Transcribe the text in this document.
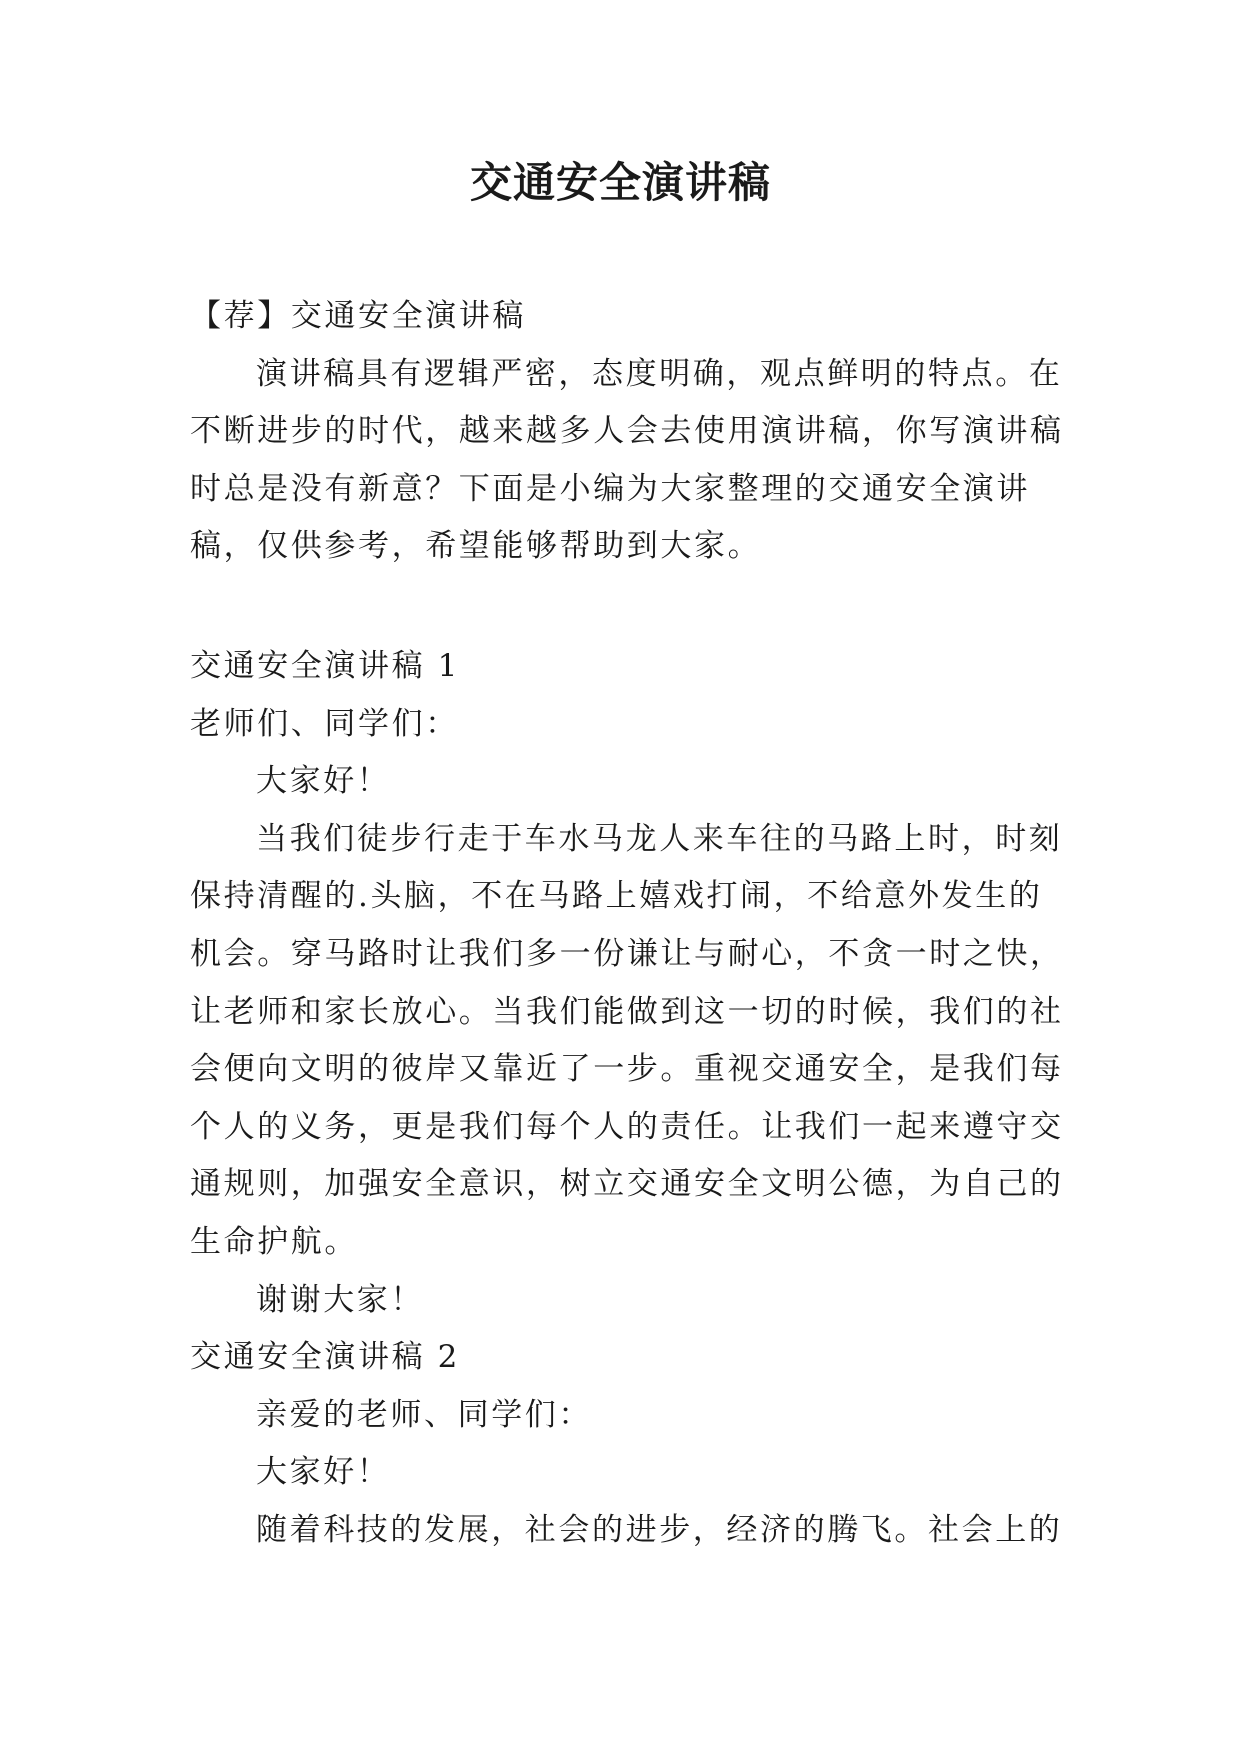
交通安全演讲稿
【荐】交通安全演讲稿
演讲稿具有逻辑严密，态度明确，观点鲜明的特点。在
不断进步的时代，越来越多人会去使用演讲稿，你写演讲稿
时总是没有新意？下面是小编为大家整理的交通安全演讲
稿，仅供参考，希望能够帮助到大家。
交通安全演讲稿 1
老师们、同学们：
大家好！
当我们徒步行走于车水马龙人来车往的马路上时，时刻
保持清醒的.头脑，不在马路上嬉戏打闹，不给意外发生的
机会。穿马路时让我们多一份谦让与耐心，不贪一时之快，
让老师和家长放心。当我们能做到这一切的时候，我们的社
会便向文明的彼岸又靠近了一步。重视交通安全，是我们每
个人的义务，更是我们每个人的责任。让我们一起来遵守交
通规则，加强安全意识，树立交通安全文明公德，为自己的
生命护航。
谢谢大家！
交通安全演讲稿 2
亲爱的老师、同学们：
大家好！
随着科技的发展，社会的进步，经济的腾飞。社会上的
